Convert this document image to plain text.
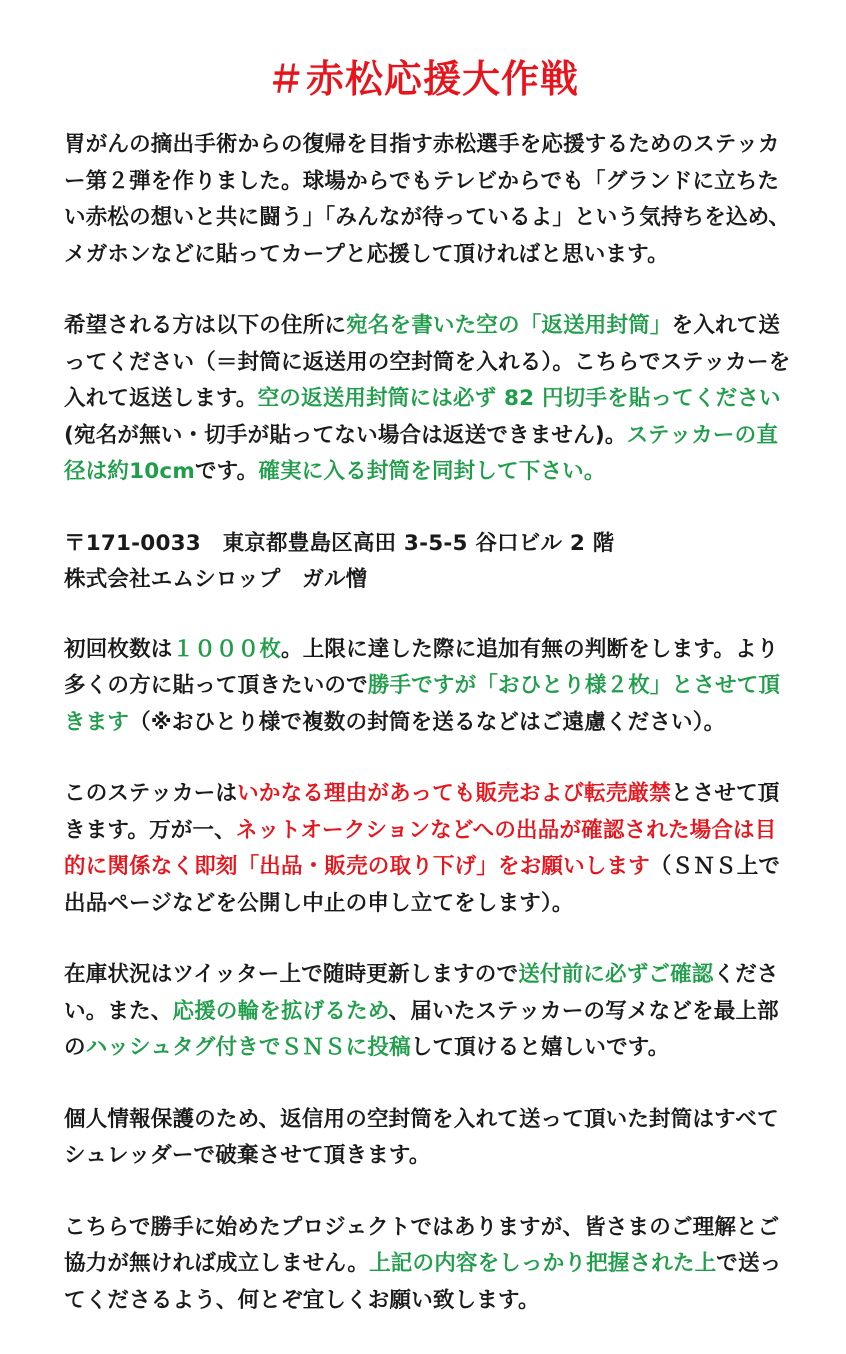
＃赤松応援大作戦

胃がんの摘出手術からの復帰を目指す赤松選手を応援するためのステッカー第２弾を作りました。球場からでもテレビからでも「グランドに立ちたい赤松の想いと共に闘う」「みんなが待っているよ」という気持ちを込め、メガホンなどに貼ってカープと応援して頂ければと思います。

希望される方は以下の住所に宛名を書いた空の「返送用封筒」を入れて送ってください（＝封筒に返送用の空封筒を入れる）。こちらでステッカーを入れて返送します。空の返送用封筒には必ず 82 円切手を貼ってください(宛名が無い・切手が貼ってない場合は返送できません)。ステッカーの直径は約10cmです。確実に入る封筒を同封して下さい。

〒171-0033　東京都豊島区高田 3-5-5 谷口ビル 2 階
株式会社エムシロップ　ガル憎

初回枚数は１０００枚。上限に達した際に追加有無の判断をします。より多くの方に貼って頂きたいので勝手ですが「おひとり様２枚」とさせて頂きます（※おひとり様で複数の封筒を送るなどはご遠慮ください）。

このステッカーはいかなる理由があっても販売および転売厳禁とさせて頂きます。万が一、ネットオークションなどへの出品が確認された場合は目的に関係なく即刻「出品・販売の取り下げ」をお願いします（ＳＮＳ上で出品ページなどを公開し中止の申し立てをします）。

在庫状況はツイッター上で随時更新しますので送付前に必ずご確認ください。また、応援の輪を拡げるため、届いたステッカーの写メなどを最上部のハッシュタグ付きでＳＮＳに投稿して頂けると嬉しいです。

個人情報保護のため、返信用の空封筒を入れて送って頂いた封筒はすべてシュレッダーで破棄させて頂きます。

こちらで勝手に始めたプロジェクトではありますが、皆さまのご理解とご協力が無ければ成立しません。上記の内容をしっかり把握された上で送ってくださるよう、何とぞ宜しくお願い致します。
